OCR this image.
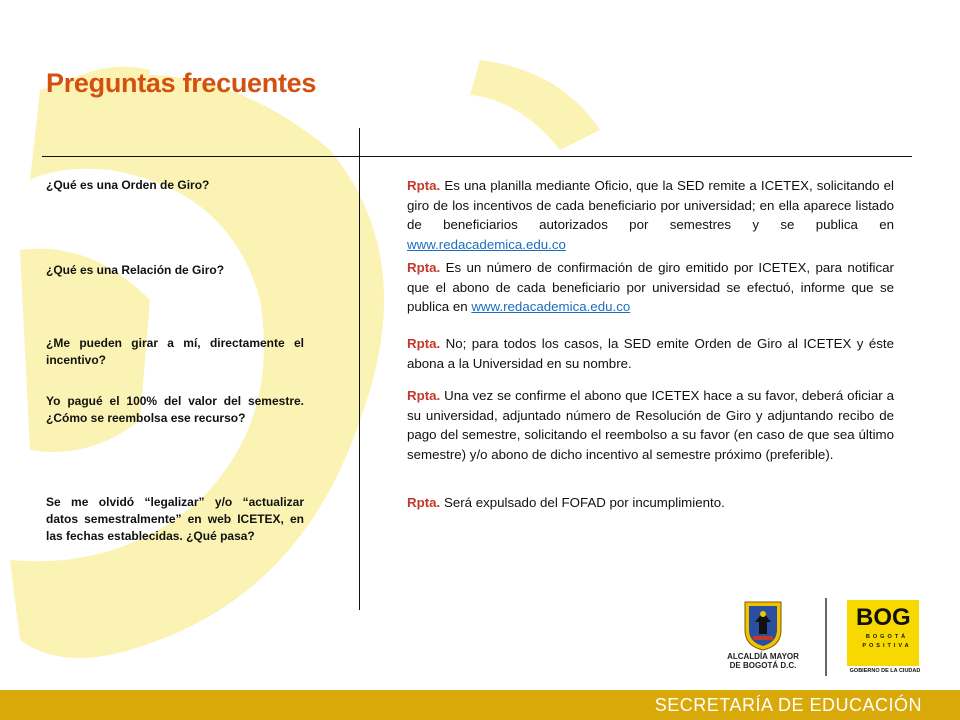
Preguntas frecuentes
¿Qué es una Orden de Giro?
¿Qué es una Relación de Giro?
¿Me pueden girar a mí, directamente el incentivo?
Yo pagué el 100% del valor del semestre. ¿Cómo se reembolsa ese recurso?
Se me olvidó “legalizar” y/o “actualizar datos semestralmente” en web ICETEX, en las fechas establecidas. ¿Qué pasa?
Rpta. Es una planilla mediante Oficio, que la SED remite a ICETEX, solicitando el giro de los incentivos de cada beneficiario por universidad; en ella aparece listado de beneficiarios autorizados por semestres y se publica en www.redacademica.edu.co
Rpta. Es un número de confirmación de giro emitido por ICETEX, para notificar que el abono de cada beneficiario por universidad se efectuó, informe que se publica en www.redacademica.edu.co
Rpta. No; para todos los casos, la SED emite Orden de Giro al ICETEX y éste abona a la Universidad en su nombre.
Rpta. Una vez se confirme el abono que ICETEX hace a su favor, deberá oficiar a su universidad, adjuntado número de Resolución de Giro y adjuntando recibo de pago del semestre, solicitando el reembolso a su favor (en caso de que sea último semestre) y/o abono de dicho incentivo al semestre próximo (preferible).
Rpta. Será expulsado del FOFAD por incumplimiento.
ALCALDÍA MAYOR
DE BOGOTÁ D.C.
BOG
BOGOTÁ
POSITIVA
GOBIERNO DE LA CIUDAD
SECRETARÍA DE EDUCACIÓN
